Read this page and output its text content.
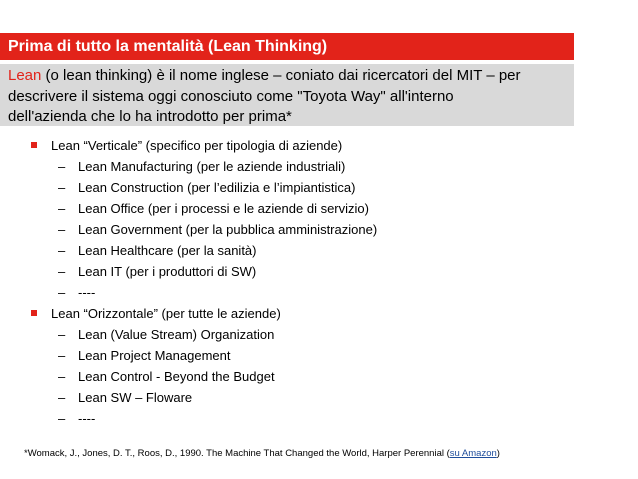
Prima di tutto la mentalità (Lean Thinking)
Lean (o lean thinking) è il nome inglese – coniato dai ricercatori del MIT – per
descrivere il sistema oggi conosciuto come "Toyota Way" all'interno
dell'azienda che lo ha introdotto per prima*
Lean “Verticale” (specifico per tipologia di aziende)
– Lean Manufacturing (per le aziende industriali)
– Lean Construction (per l’edilizia e l’impiantistica)
– Lean Office (per i processi e le aziende di servizio)
– Lean Government (per la pubblica amministrazione)
– Lean Healthcare (per la sanità)
– Lean IT (per i produttori di SW)
– ----
Lean “Orizzontale” (per tutte le aziende)
– Lean (Value Stream) Organization
– Lean Project Management
– Lean Control - Beyond the Budget
– Lean SW – Floware
– ----
*Womack, J., Jones, D. T., Roos, D., 1990. The Machine That Changed the World, Harper Perennial (su Amazon)
